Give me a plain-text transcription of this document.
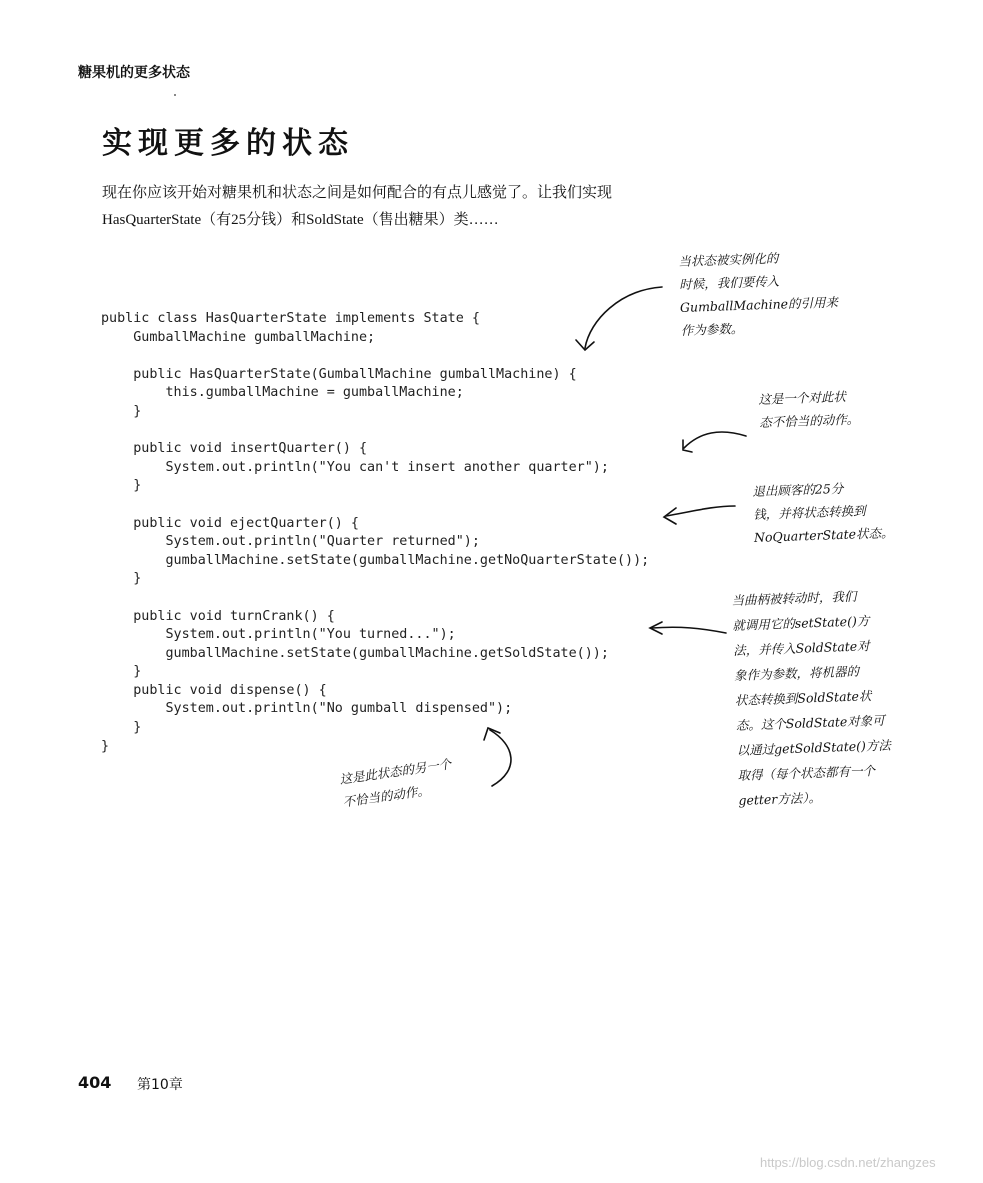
糖果机的更多状态
实现更多的状态

现在你应该开始对糖果机和状态之间是如何配合的有点儿感觉了。让我们实现

HasQuarterState（有25分钱）和SoldState（售出糖果）类……

public class HasQuarterState implements State {
GumballMachine gumballMachine;

public HasQuarterState(GumballMachine gumballMachine) {
this.gumballMachine = gumballMachine;
}

public void insertQuarter() {
System.out.println("You can't insert another quarter");
}

public void ejectQuarter() {
System.out.println("Quarter returned");
gumballMachine.setState(gumballMachine.getNoQuarterState());
}

public void turnCrank() {
System.out.println("You turned...");
gumballMachine.setState(gumballMachine.getSoldState());
}
public void dispense() {
System.out.println("No gumball dispensed");
}
}

当状态被实例化的

时候，我们要传入

GumballMachine的引用来

作为参数。

这是一个对此状

态不恰当的动作。

退出顾客的25分

钱，并将状态转换到

NoQuarterState状态。

当曲柄被转动时，我们

就调用它的setState()方

法，并传入SoldState对

象作为参数，将机器的

状态转换到SoldState状

态。这个SoldState对象可

以通过getSoldState()方法

取得（每个状态都有一个

getter方法）。

这是此状态的另一个

不恰当的动作。

404 第10章
https://blog.csdn.net/zhangzes
